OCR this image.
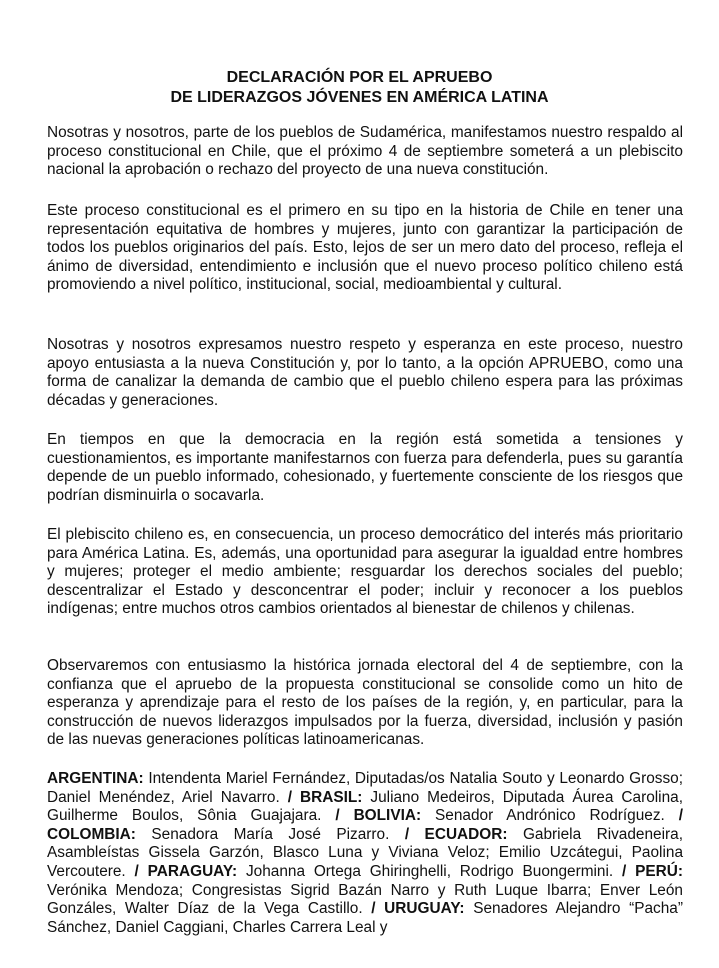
DECLARACIÓN POR EL APRUEBO
DE LIDERAZGOS JÓVENES EN AMÉRICA LATINA

Nosotras y nosotros, parte de los pueblos de Sudamérica, manifestamos nuestro respaldo al proceso constitucional en Chile, que el próximo 4 de septiembre someterá a un plebiscito nacional la aprobación o rechazo del proyecto de una nueva constitución.

Este proceso constitucional es el primero en su tipo en la historia de Chile en tener una representación equitativa de hombres y mujeres, junto con garantizar la participación de todos los pueblos originarios del país. Esto, lejos de ser un mero dato del proceso, refleja el ánimo de diversidad, entendimiento e inclusión que el nuevo proceso político chileno está promoviendo a nivel político, institucional, social, medioambiental y cultural.

Nosotras y nosotros expresamos nuestro respeto y esperanza en este proceso, nuestro apoyo entusiasta a la nueva Constitución y, por lo tanto, a la opción APRUEBO, como una forma de canalizar la demanda de cambio que el pueblo chileno espera para las próximas décadas y generaciones.

En tiempos en que la democracia en la región está sometida a tensiones y cuestionamientos, es importante manifestarnos con fuerza para defenderla, pues su garantía depende de un pueblo informado, cohesionado, y fuertemente consciente de los riesgos que podrían disminuirla o socavarla.

El plebiscito chileno es, en consecuencia, un proceso democrático del interés más prioritario para América Latina. Es, además, una oportunidad para asegurar la igualdad entre hombres y mujeres; proteger el medio ambiente; resguardar los derechos sociales del pueblo; descentralizar el Estado y desconcentrar el poder; incluir y reconocer a los pueblos indígenas; entre muchos otros cambios orientados al bienestar de chilenos y chilenas.

Observaremos con entusiasmo la histórica jornada electoral del 4 de septiembre, con la confianza que el apruebo de la propuesta constitucional se consolide como un hito de esperanza y aprendizaje para el resto de los países de la región, y, en particular, para la construcción de nuevos liderazgos impulsados por la fuerza, diversidad, inclusión y pasión de las nuevas generaciones políticas latinoamericanas.

ARGENTINA: Intendenta Mariel Fernández, Diputadas/os Natalia Souto y Leonardo Grosso; Daniel Menéndez, Ariel Navarro. / BRASIL: Juliano Medeiros, Diputada Áurea Carolina, Guilherme Boulos, Sônia Guajajara. / BOLIVIA: Senador Andrónico Rodríguez. / COLOMBIA: Senadora María José Pizarro. / ECUADOR: Gabriela Rivadeneira, Asambleístas Gissela Garzón, Blasco Luna y Viviana Veloz; Emilio Uzcátegui, Paolina Vercoutere. / PARAGUAY: Johanna Ortega Ghiringhelli, Rodrigo Buongermini. / PERÚ: Verónika Mendoza; Congresistas Sigrid Bazán Narro y Ruth Luque Ibarra; Enver León Gonzáles, Walter Díaz de la Vega Castillo. / URUGUAY: Senadores Alejandro “Pacha” Sánchez, Daniel Caggiani, Charles Carrera Leal y
